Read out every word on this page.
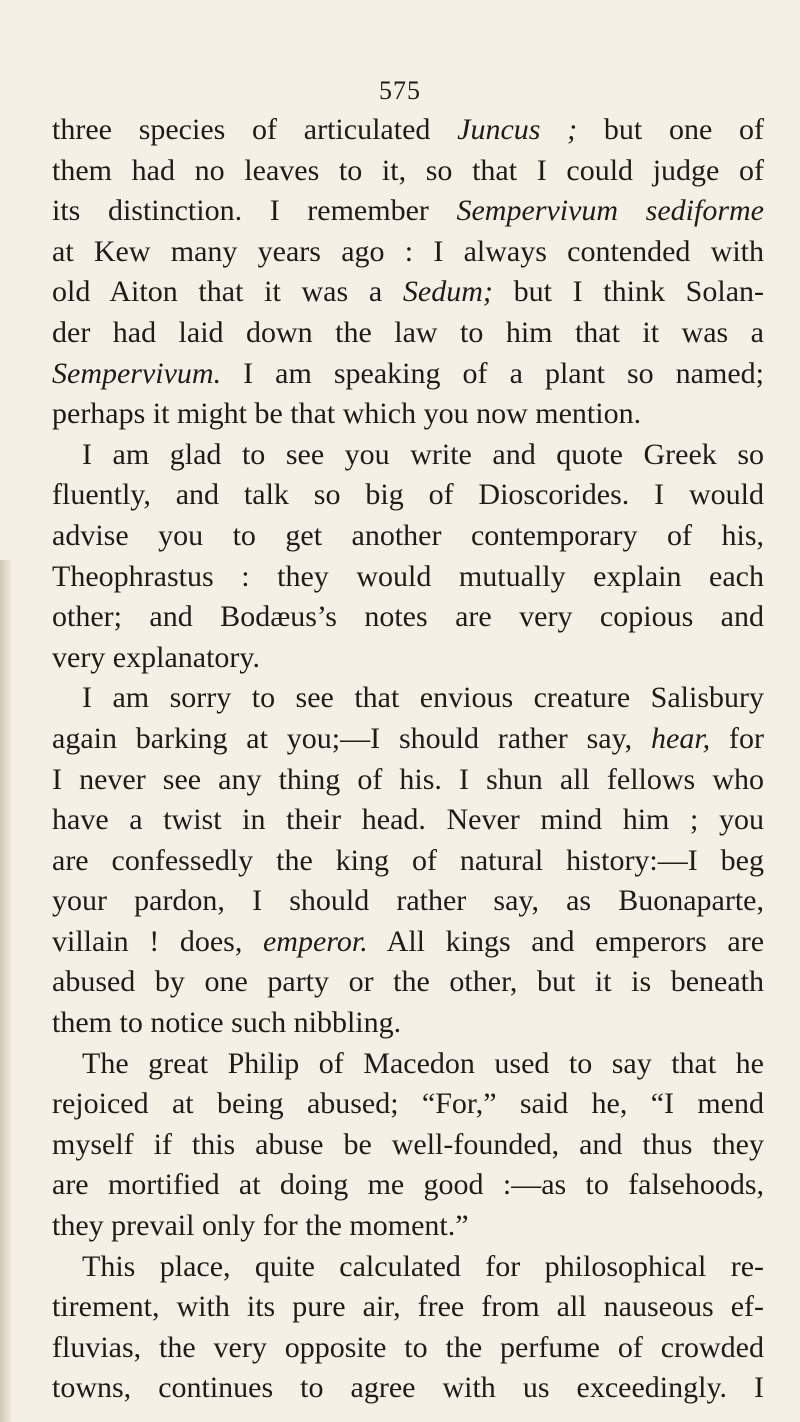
575
three species of articulated Juncus ; but one of
them had no leaves to it, so that I could judge of
its distinction. I remember Sempervivum sediforme
at Kew many years ago : I always contended with
old Aiton that it was a Sedum; but I think Solan-
der had laid down the law to him that it was a
Sempervivum. I am speaking of a plant so named;
perhaps it might be that which you now mention.
I am glad to see you write and quote Greek so
fluently, and talk so big of Dioscorides. I would
advise you to get another contemporary of his,
Theophrastus : they would mutually explain each
other; and Bodæus’s notes are very copious and
very explanatory.
I am sorry to see that envious creature Salisbury
again barking at you;—I should rather say, hear, for
I never see any thing of his. I shun all fellows who
have a twist in their head. Never mind him ; you
are confessedly the king of natural history:—I beg
your pardon, I should rather say, as Buonaparte,
villain ! does, emperor. All kings and emperors are
abused by one party or the other, but it is beneath
them to notice such nibbling.
The great Philip of Macedon used to say that he
rejoiced at being abused; “For,” said he, “I mend
myself if this abuse be well-founded, and thus they
are mortified at doing me good :—as to falsehoods,
they prevail only for the moment.”
This place, quite calculated for philosophical re-
tirement, with its pure air, free from all nauseous ef-
fluvias, the very opposite to the perfume of crowded
towns, continues to agree with us exceedingly. I
